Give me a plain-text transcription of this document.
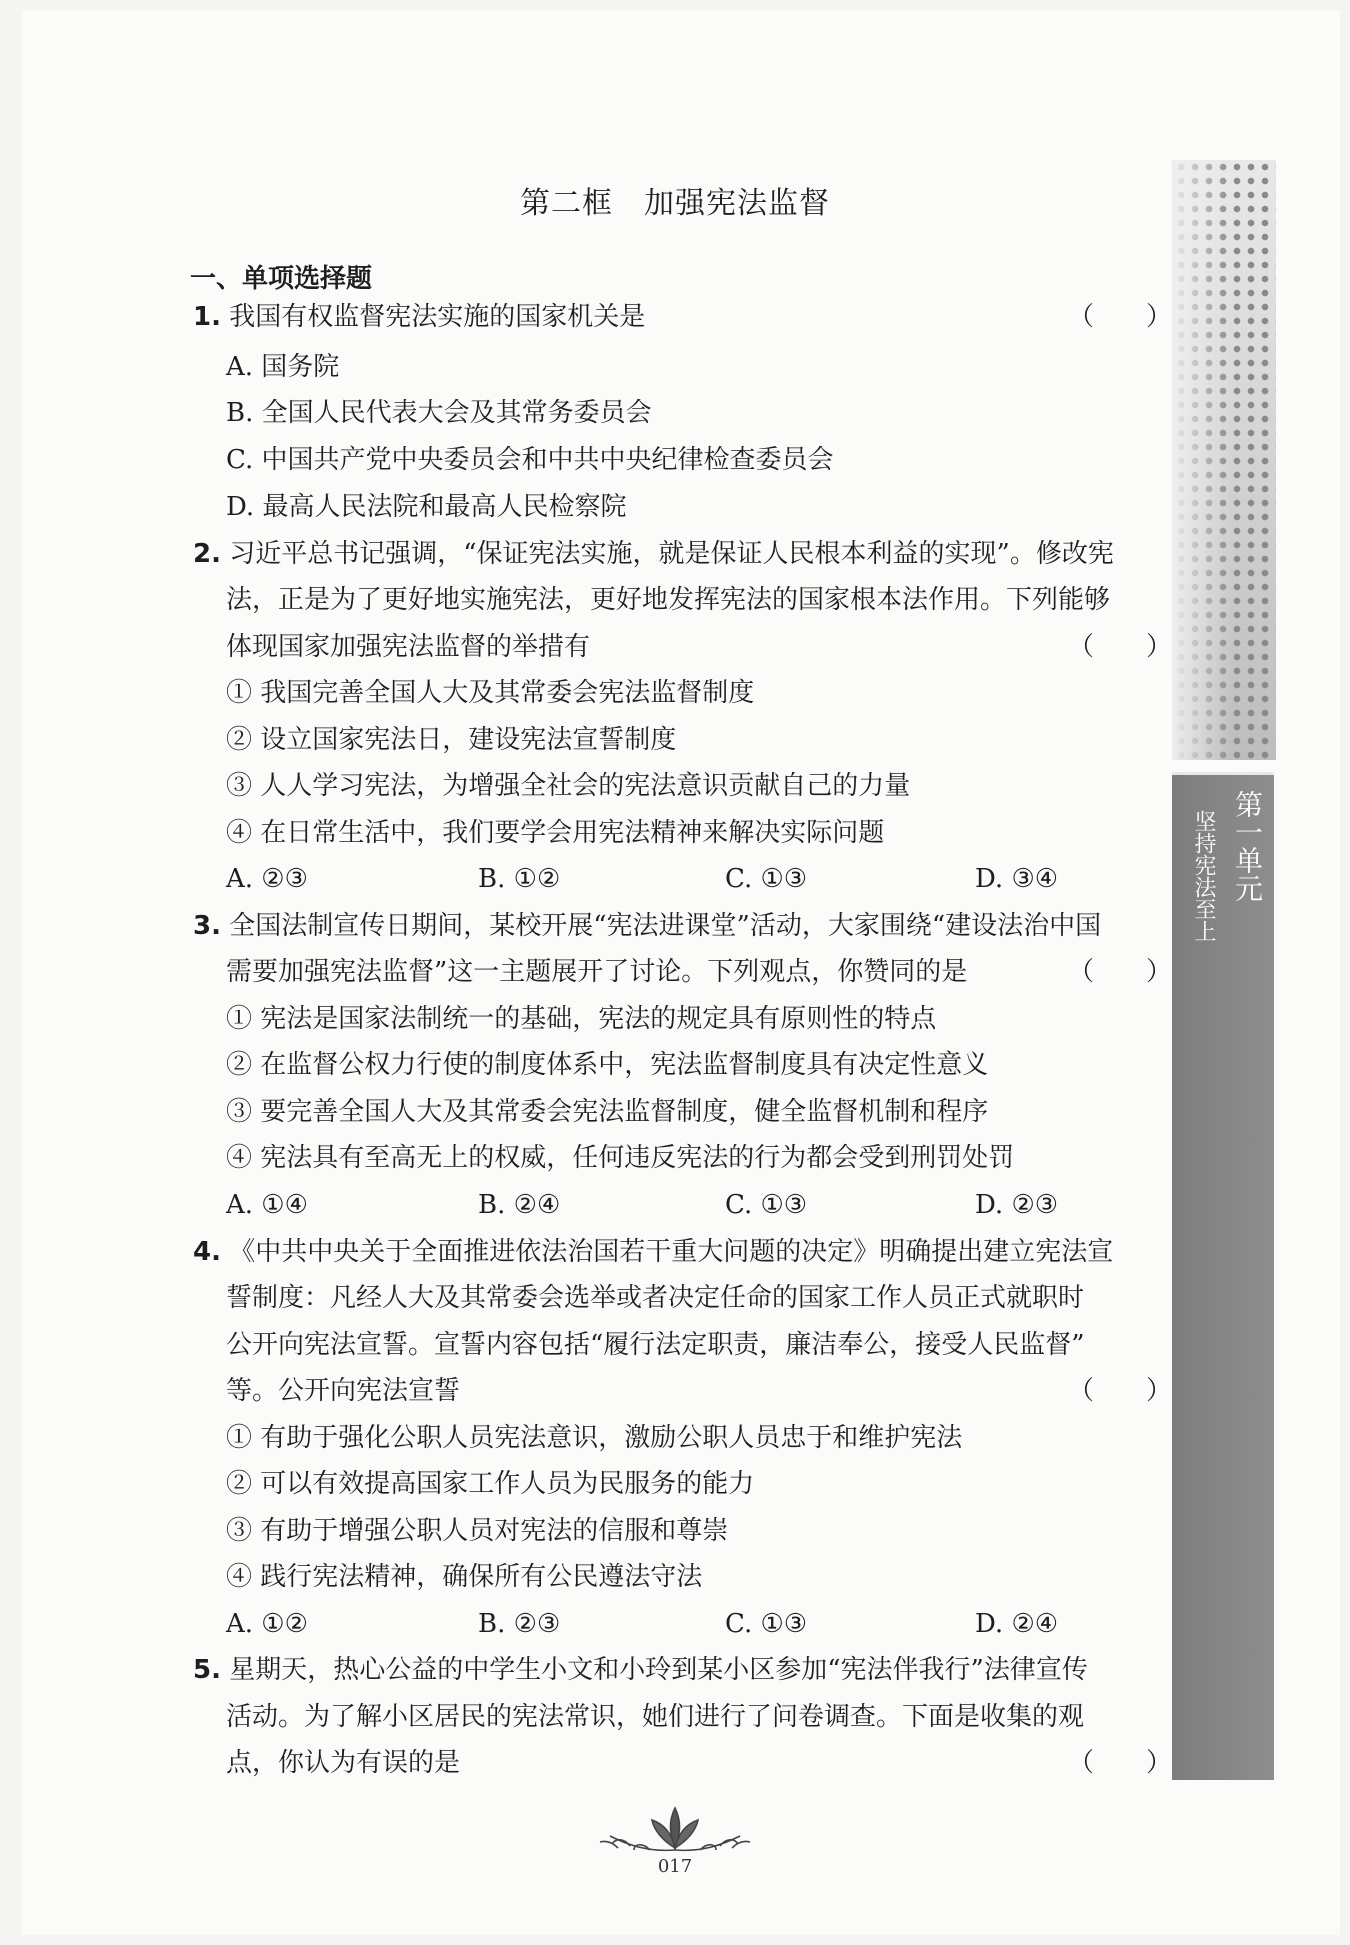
第一单元
坚持宪法至上
第二框　加强宪法监督
一、单项选择题
1. 我国有权监督宪法实施的国家机关是	（　　）
A. 国务院
B. 全国人民代表大会及其常务委员会
C. 中国共产党中央委员会和中共中央纪律检查委员会
D. 最高人民法院和最高人民检察院
2. 习近平总书记强调，“保证宪法实施，就是保证人民根本利益的实现”。修改宪
法，正是为了更好地实施宪法，更好地发挥宪法的国家根本法作用。下列能够
体现国家加强宪法监督的举措有	（　　）
① 我国完善全国人大及其常委会宪法监督制度
② 设立国家宪法日，建设宪法宣誓制度
③ 人人学习宪法，为增强全社会的宪法意识贡献自己的力量
④ 在日常生活中，我们要学会用宪法精神来解决实际问题
A. ②③	B. ①②	C. ①③	D. ③④
3. 全国法制宣传日期间，某校开展“宪法进课堂”活动，大家围绕“建设法治中国
需要加强宪法监督”这一主题展开了讨论。下列观点，你赞同的是	（　　）
① 宪法是国家法制统一的基础，宪法的规定具有原则性的特点
② 在监督公权力行使的制度体系中，宪法监督制度具有决定性意义
③ 要完善全国人大及其常委会宪法监督制度，健全监督机制和程序
④ 宪法具有至高无上的权威，任何违反宪法的行为都会受到刑罚处罚
A. ①④	B. ②④	C. ①③	D. ②③
4. 《中共中央关于全面推进依法治国若干重大问题的决定》明确提出建立宪法宣
誓制度：凡经人大及其常委会选举或者决定任命的国家工作人员正式就职时
公开向宪法宣誓。宣誓内容包括“履行法定职责，廉洁奉公，接受人民监督”
等。公开向宪法宣誓	（　　）
① 有助于强化公职人员宪法意识，激励公职人员忠于和维护宪法
② 可以有效提高国家工作人员为民服务的能力
③ 有助于增强公职人员对宪法的信服和尊崇
④ 践行宪法精神，确保所有公民遵法守法
A. ①②	B. ②③	C. ①③	D. ②④
5. 星期天，热心公益的中学生小文和小玲到某小区参加“宪法伴我行”法律宣传
活动。为了解小区居民的宪法常识，她们进行了问卷调查。下面是收集的观
点，你认为有误的是	（　　）
017
